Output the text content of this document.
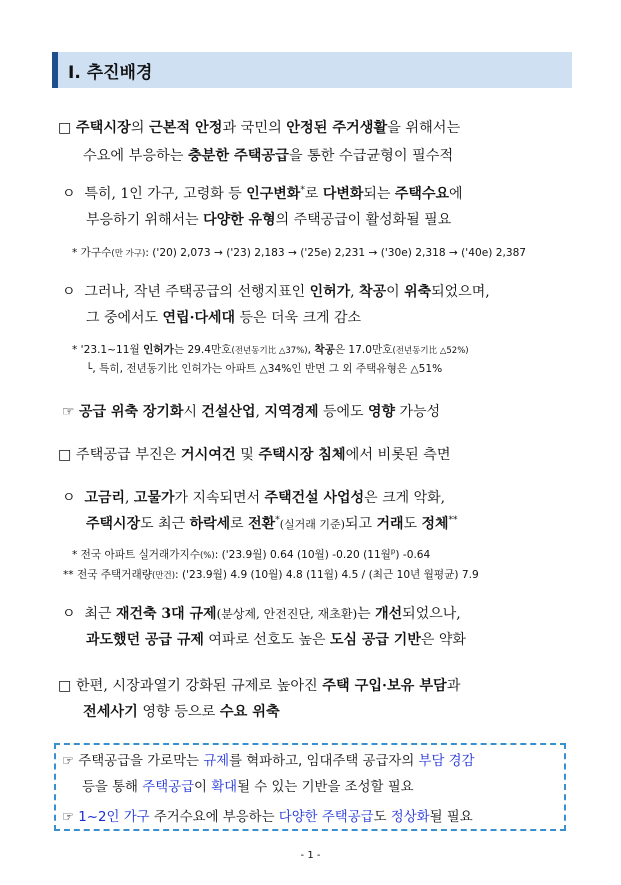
Ⅰ. 추진배경
□ 주택시장의 근본적 안정과 국민의 안정된 주거생활을 위해서는
수요에 부응하는 충분한 주택공급을 통한 수급균형이 필수적
ㅇ 특히, 1인 가구, 고령화 등 인구변화*로 다변화되는 주택수요에
부응하기 위해서는 다양한 유형의 주택공급이 활성화될 필요
* 가구수(만 가구): ('20) 2,073 → ('23) 2,183 → ('25e) 2,231 → ('30e) 2,318 → ('40e) 2,387
ㅇ 그러나, 작년 주택공급의 선행지표인 인허가, 착공이 위축되었으며,
그 중에서도 연립·다세대 등은 더욱 크게 감소
* '23.1~11월 인허가는 29.4만호(전년동기比 △37%), 착공은 17.0만호(전년동기比 △52%)
└, 특히, 전년동기比 인허가는 아파트 △34%인 반면 그 외 주택유형은 △51%
☞ 공급 위축 장기화시 건설산업, 지역경제 등에도 영향 가능성
□ 주택공급 부진은 거시여건 및 주택시장 침체에서 비롯된 측면
ㅇ 고금리, 고물가가 지속되면서 주택건설 사업성은 크게 악화,
주택시장도 최근 하락세로 전환*(실거래 기준)되고 거래도 정체**
* 전국 아파트 실거래가지수(%): ('23.9월) 0.64 (10월) -0.20 (11월$^p$) -0.64
** 전국 주택거래량(만건): ('23.9월) 4.9 (10월) 4.8 (11월) 4.5 / (최근 10년 월평균) 7.9
ㅇ 최근 재건축 3대 규제(분상제, 안전진단, 재초환)는 개선되었으나,
과도했던 공급 규제 여파로 선호도 높은 도심 공급 기반은 약화
□ 한편, 시장과열기 강화된 규제로 높아진 주택 구입·보유 부담과
전세사기 영향 등으로 수요 위축
☞ 주택공급을 가로막는 규제를 혁파하고, 임대주택 공급자의 부담 경감
등을 통해 주택공급이 확대될 수 있는 기반을 조성할 필요
☞ 1~2인 가구 주거수요에 부응하는 다양한 주택공급도 정상화될 필요
- 1 -
